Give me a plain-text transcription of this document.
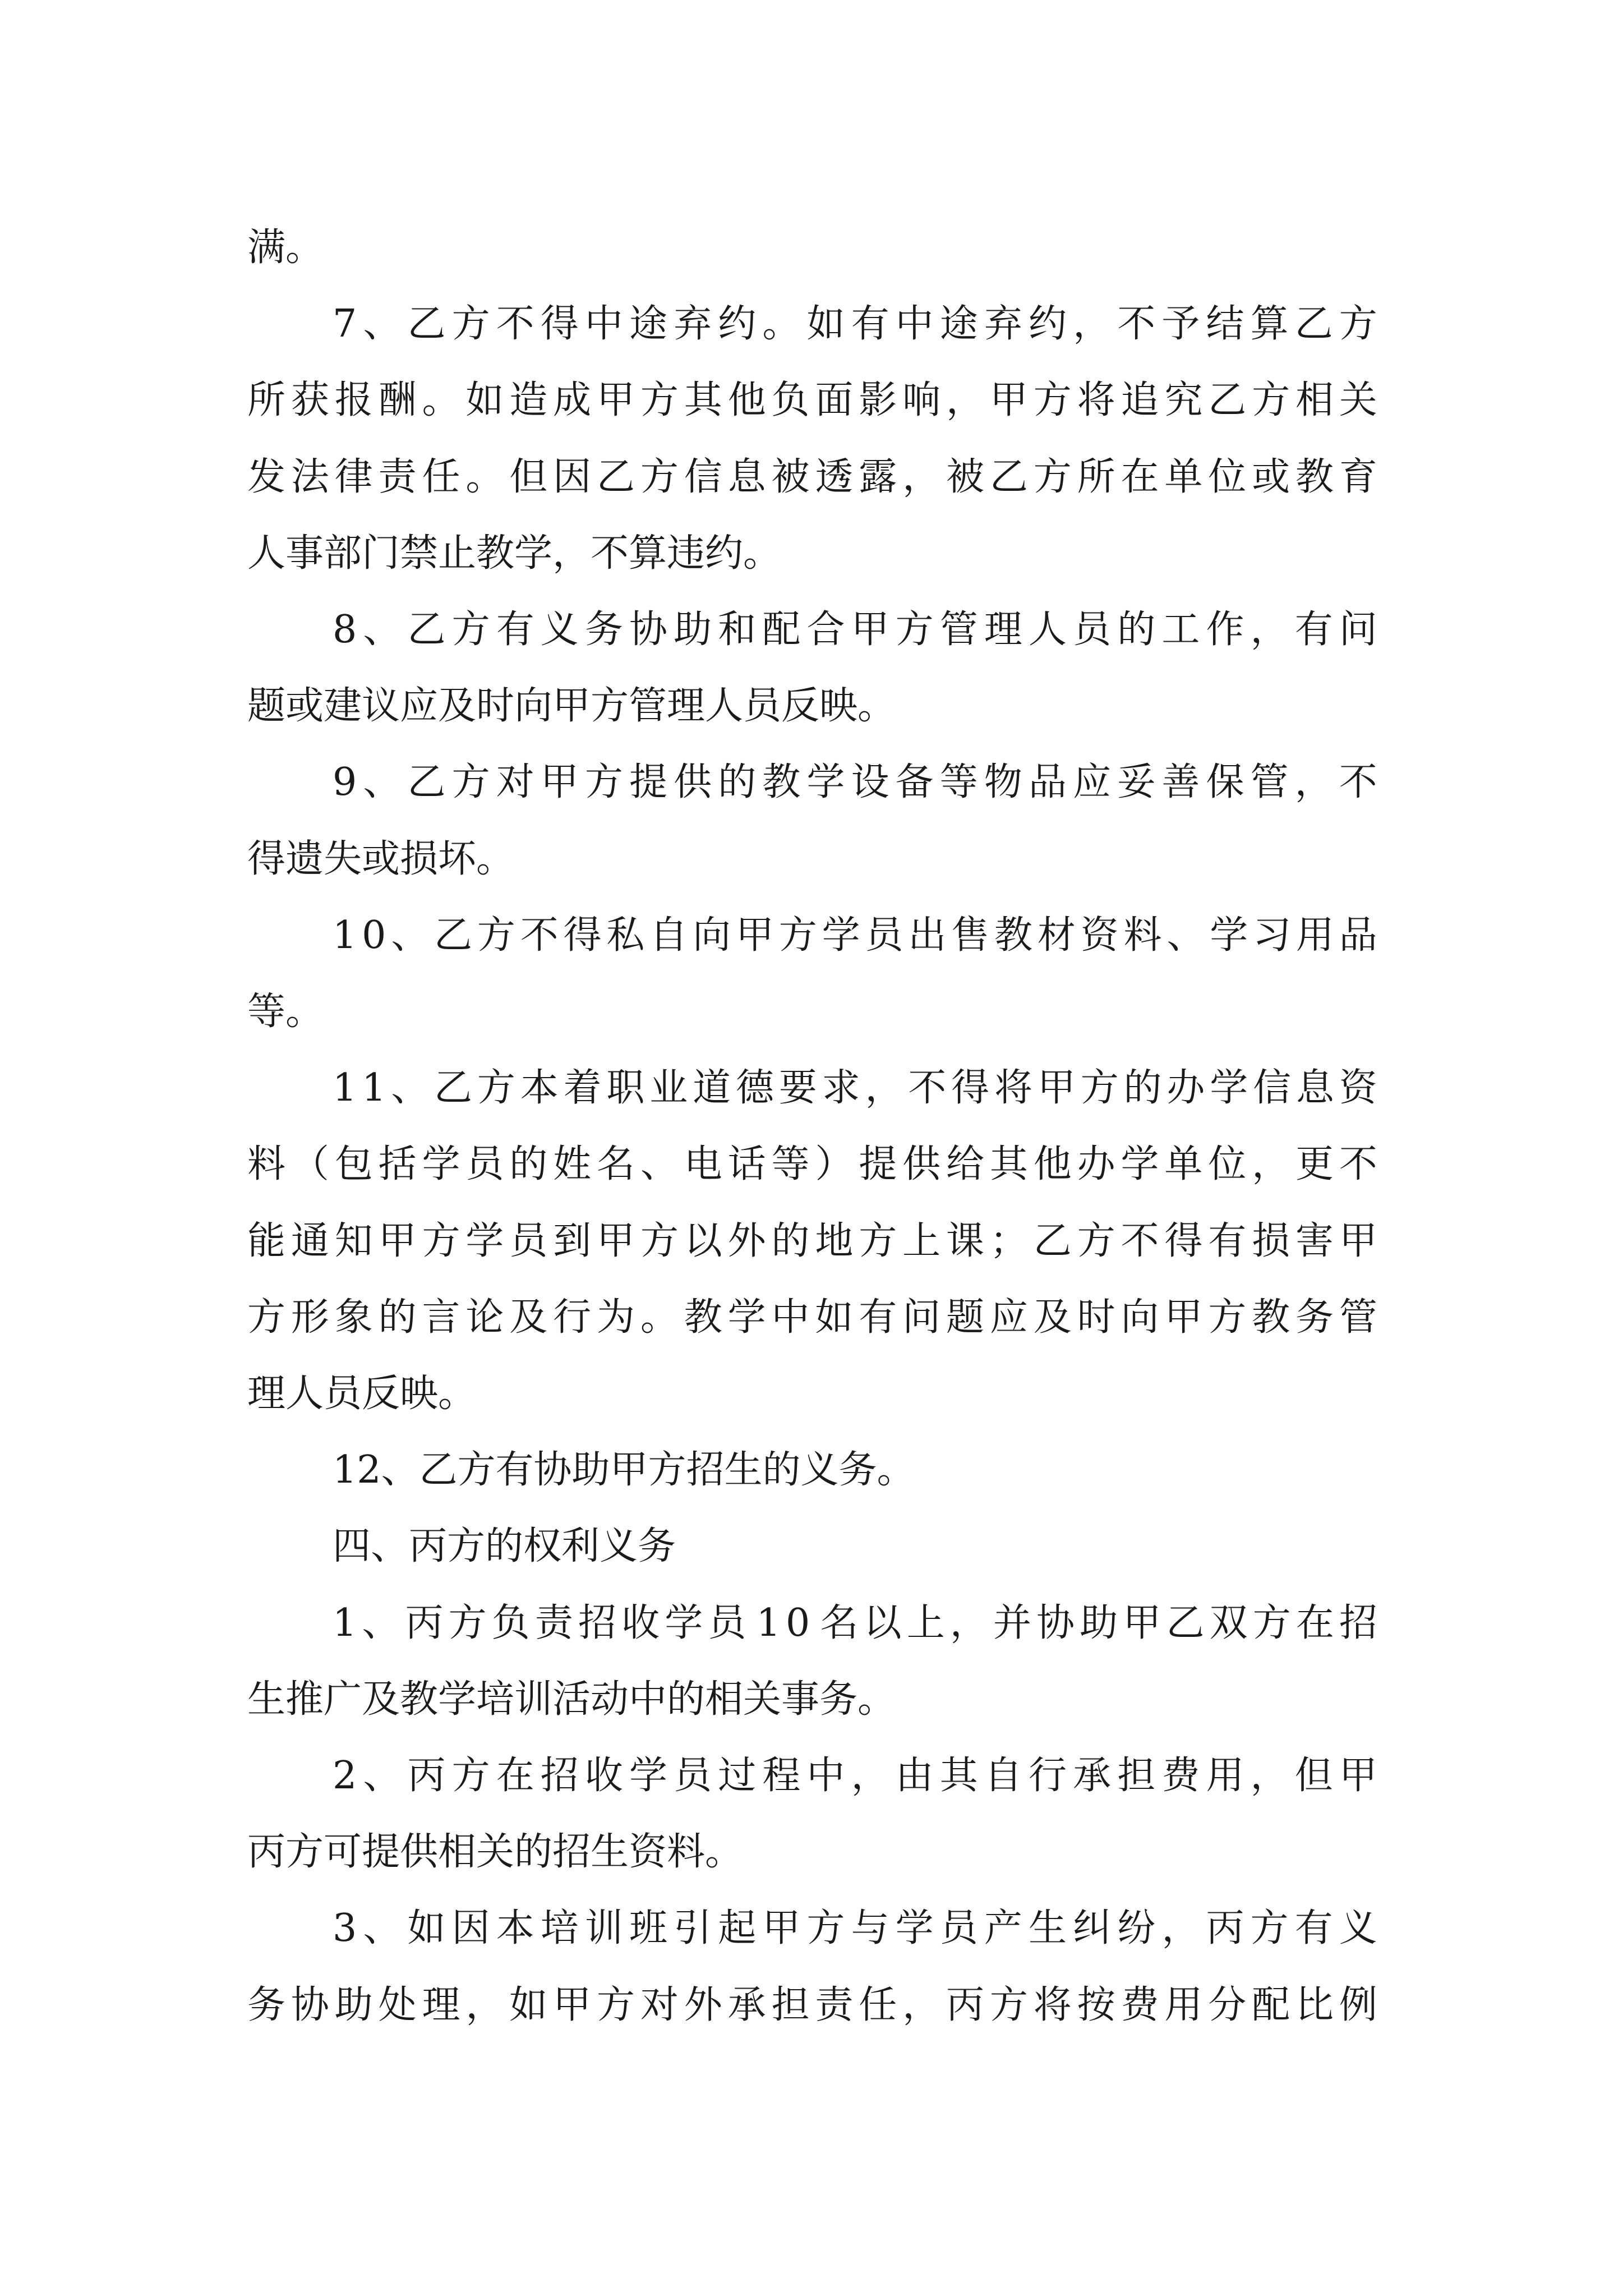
满。
7 、 乙 方 不 得 中 途 弃 约 。 如 有 中 途 弃 约 ， 不 予 结 算 乙 方
所 获 报 酬 。 如 造 成 甲 方 其 他 负 面 影 响 ， 甲 方 将 追 究 乙 方 相 关
发 法 律 责 任 。 但 因 乙 方 信 息 被 透 露 ， 被 乙 方 所 在 单 位 或 教 育
人事部门禁止教学，不算违约。
8 、 乙 方 有 义 务 协 助 和 配 合 甲 方 管 理 人 员 的 工 作 ， 有 问
题或建议应及时向甲方管理人员反映。
9 、 乙 方 对 甲 方 提 供 的 教 学 设 备 等 物 品 应 妥 善 保 管 ， 不
得遗失或损坏。
1 0 、 乙 方 不 得 私 自 向 甲 方 学 员 出 售 教 材 资 料 、 学 习 用 品
等。
1 1 、 乙 方 本 着 职 业 道 德 要 求 ， 不 得 将 甲 方 的 办 学 信 息 资
料 （ 包 括 学 员 的 姓 名 、 电 话 等 ） 提 供 给 其 他 办 学 单 位 ， 更 不
能 通 知 甲 方 学 员 到 甲 方 以 外 的 地 方 上 课 ； 乙 方 不 得 有 损 害 甲
方 形 象 的 言 论 及 行 为 。 教 学 中 如 有 问 题 应 及 时 向 甲 方 教 务 管
理人员反映。
12、乙方有协助甲方招生的义务。
四、丙方的权利义务
1 、 丙 方 负 责 招 收 学 员 1 0 名 以 上 ， 并 协 助 甲 乙 双 方 在 招
生推广及教学培训活动中的相关事务。
2 、 丙 方 在 招 收 学 员 过 程 中 ， 由 其 自 行 承 担 费 用 ， 但 甲
丙方可提供相关的招生资料。
3 、 如 因 本 培 训 班 引 起 甲 方 与 学 员 产 生 纠 纷 ， 丙 方 有 义
务 协 助 处 理 ， 如 甲 方 对 外 承 担 责 任 ， 丙 方 将 按 费 用 分 配 比 例
